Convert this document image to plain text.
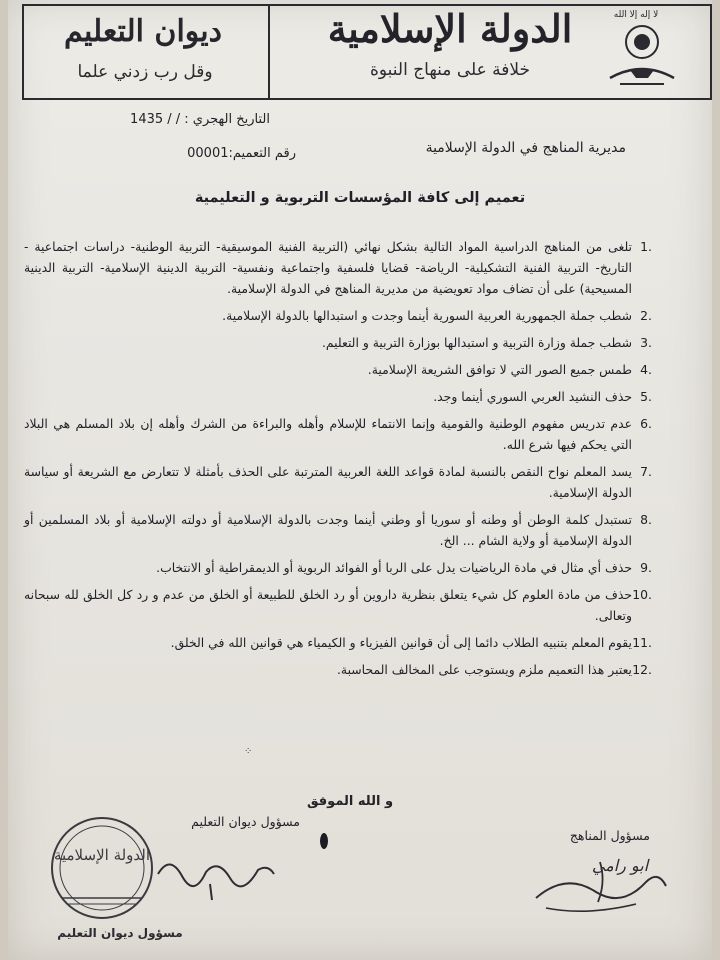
لا إله إلا الله
الدولة الإسلامية
خلافة على منهاج النبوة
ديوان التعليم
وقل رب زدني علما
التاريخ الهجري : / / 1435
رقم التعميم:00001	مديرية المناهج في الدولة الإسلامية
تعميم إلى كافة المؤسسات التربوية و التعليمية
1.
تلغى من المناهج الدراسية المواد التالية بشكل نهائي (التربية الفنية الموسيقية- التربية الوطنية- دراسات اجتماعية - التاريخ- التربية الفنية التشكيلية- الرياضة- قضايا فلسفية واجتماعية ونفسية- التربية الدينية الإسلامية- التربية الدينية المسيحية) على أن تضاف مواد تعويضية من مديرية المناهج في الدولة الإسلامية.
2.
شطب جملة الجمهورية العربية السورية أينما وجدت و استبدالها بالدولة الإسلامية.
3.
شطب جملة وزارة التربية و استبدالها بوزارة التربية و التعليم.
4.
طمس جميع الصور التي لا توافق الشريعة الإسلامية.
5.
حذف النشيد العربي السوري أينما وجد.
6.
عدم تدريس مفهوم الوطنية والقومية وإنما الانتماء للإسلام وأهله والبراءة من الشرك وأهله إن بلاد المسلم هي البلاد التي يحكم فيها شرع الله.
7.
يسد المعلم نواح النقص بالنسبة لمادة قواعد اللغة العربية المترتبة على الحذف بأمثلة لا تتعارض مع الشريعة أو سياسة الدولة الإسلامية.
8.
تستبدل كلمة الوطن أو وطنه أو سوريا أو وطني أينما وجدت بالدولة الإسلامية أو دولته الإسلامية أو بلاد المسلمين أو الدولة الإسلامية أو ولاية الشام ... الخ.
9.
حذف أي مثال في مادة الرياضيات يدل على الربا أو الفوائد الربوية أو الديمقراطية أو الانتخاب.
10.
حذف من مادة العلوم كل شيء يتعلق بنظرية داروين أو رد الخلق للطبيعة أو الخلق من عدم و رد كل الخلق لله سبحانه وتعالى.
11.
يقوم المعلم بتنبيه الطلاب دائما إلى أن قوانين الفيزياء و الكيمياء هي قوانين الله في الخلق.
12.
يعتبر هذا التعميم ملزم ويستوجب على المخالف المحاسبة.
⁘
و الله الموفق
مسؤول ديوان التعليم
مسؤول المناهج
ابو رامي
الدولة الإسلامية
مسؤول ديوان التعليم
